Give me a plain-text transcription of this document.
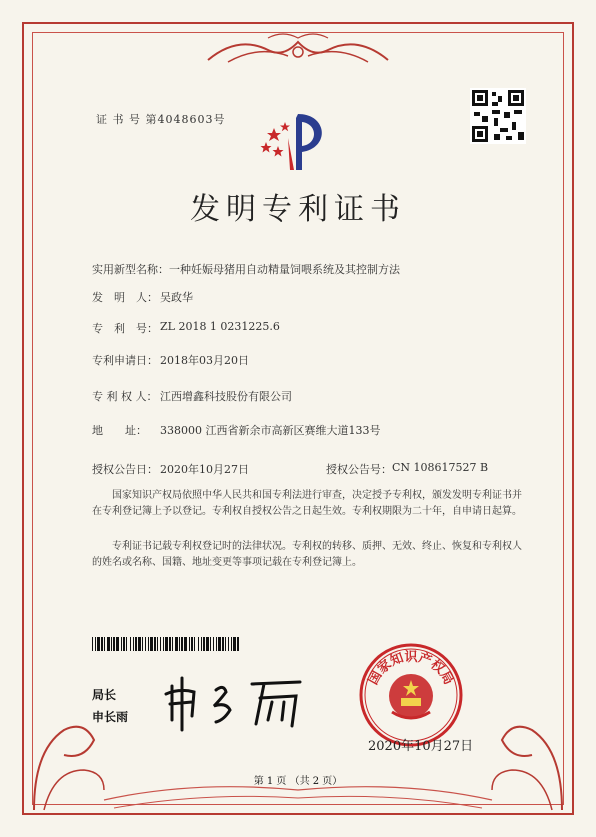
证 书 号 第4048603号
发明专利证书
实用新型名称：一种妊娠母猪用自动精量饲喂系统及其控制方法
发　明　人： 吴政华
专　利　号： ZL 2018 1 0231225.6
专利申请日： 2018年03月20日
专 利 权 人： 江西增鑫科技股份有限公司
地　　址： 338000 江西省新余市高新区赛维大道133号
授权公告日： 2020年10月27日	授权公告号： CN 108617527 B
国家知识产权局依照中华人民共和国专利法进行审查，决定授予专利权，颁发发明专利证书并在专利登记簿上予以登记。专利权自授权公告之日起生效。专利权期限为二十年，自申请日起算。
专利证书记载专利权登记时的法律状况。专利权的转移、质押、无效、终止、恢复和专利权人的姓名或名称、国籍、地址变更等事项记载在专利登记簿上。
局长
申长雨
国家知识产权局
2020年10月27日
第 1 页 （共 2 页）
